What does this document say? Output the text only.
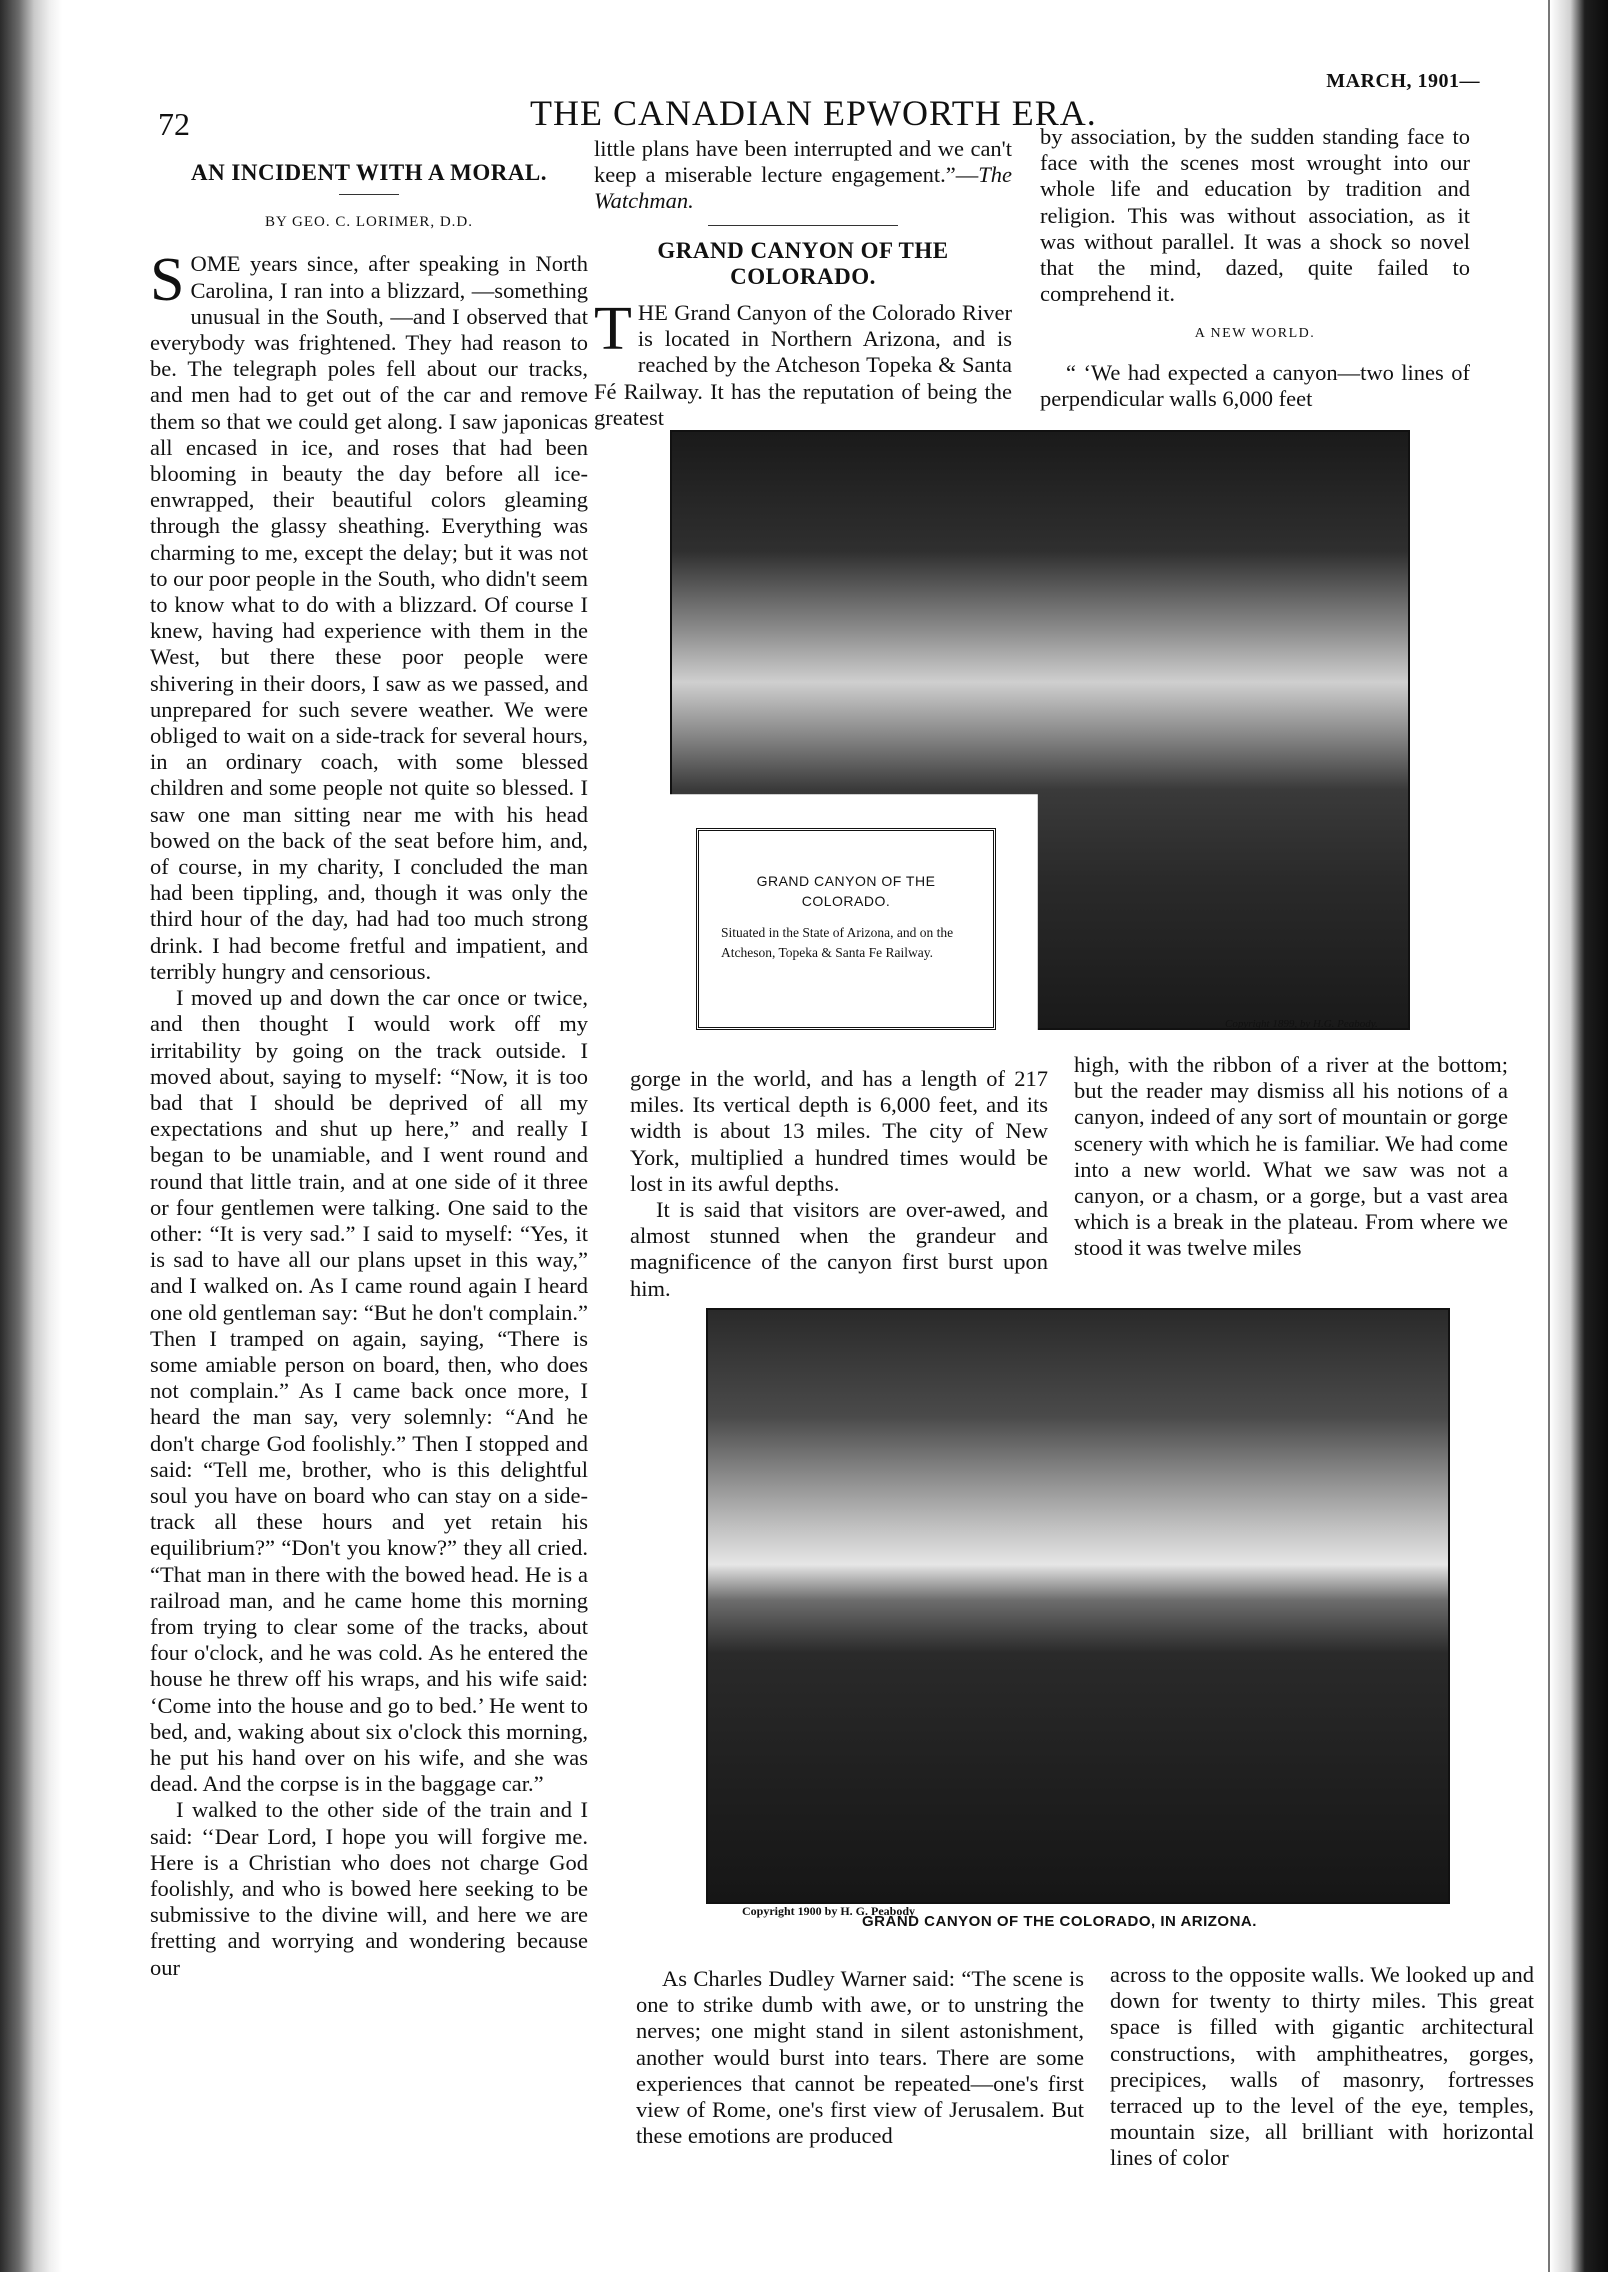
72	THE CANADIAN EPWORTH ERA.
MARCH, 1901—
AN INCIDENT WITH A MORAL.
BY GEO. C. LORIMER, D.D.

SOME years since, after speaking in North Carolina, I ran into a blizzard, —something unusual in the South, —and I observed that everybody was frightened. They had reason to be. The telegraph poles fell about our tracks, and men had to get out of the car and remove them so that we could get along. I saw japonicas all encased in ice, and roses that had been blooming in beauty the day before all ice-enwrapped, their beautiful colors gleaming through the glassy sheathing. Everything was charming to me, except the delay; but it was not to our poor people in the South, who didn't seem to know what to do with a blizzard. Of course I knew, having had experience with them in the West, but there these poor people were shivering in their doors, I saw as we passed, and unprepared for such severe weather. We were obliged to wait on a side-track for several hours, in an ordinary coach, with some blessed children and some people not quite so blessed. I saw one man sitting near me with his head bowed on the back of the seat before him, and, of course, in my charity, I concluded the man had been tippling, and, though it was only the third hour of the day, had had too much strong drink. I had become fretful and impatient, and terribly hungry and censorious.

I moved up and down the car once or twice, and then thought I would work off my irritability by going on the track outside. I moved about, saying to myself: “Now, it is too bad that I should be deprived of all my expectations and shut up here,” and really I began to be unamiable, and I went round and round that little train, and at one side of it three or four gentlemen were talking. One said to the other: “It is very sad.” I said to myself: “Yes, it is sad to have all our plans upset in this way,” and I walked on. As I came round again I heard one old gentleman say: “But he don't complain.” Then I tramped on again, saying, “There is some amiable person on board, then, who does not complain.” As I came back once more, I heard the man say, very solemnly: “And he don't charge God foolishly.” Then I stopped and said: “Tell me, brother, who is this delightful soul you have on board who can stay on a side-track all these hours and yet retain his equilibrium?” “Don't you know?” they all cried. “That man in there with the bowed head. He is a railroad man, and he came home this morning from trying to clear some of the tracks, about four o'clock, and he was cold. As he entered the house he threw off his wraps, and his wife said: ‘Come into the house and go to bed.’ He went to bed, and, waking about six o'clock this morning, he put his hand over on his wife, and she was dead. And the corpse is in the baggage car.”

I walked to the other side of the train and I said: ‘‘Dear Lord, I hope you will forgive me. Here is a Christian who does not charge God foolishly, and who is bowed here seeking to be submissive to the divine will, and here we are fretting and worrying and wondering because our

little plans have been interrupted and we can't keep a miserable lecture engagement.”—The Watchman.

GRAND CANYON OF THE COLORADO.

THE Grand Canyon of the Colorado River is located in Northern Arizona, and is reached by the Atcheson Topeka & Santa Fé Railway. It has the reputation of being the greatest

by association, by the sudden standing face to face with the scenes most wrought into our whole life and education by tradition and religion. This was without association, as it was without parallel. It was a shock so novel that the mind, dazed, quite failed to comprehend it.

A NEW WORLD.

“ ‘We had expected a canyon—two lines of perpendicular walls 6,000 feet

GRAND CANYON OF THE COLORADO.
Situated in the State of Arizona, and on the Atcheson, Topeka & Santa Fe Railway.
Copyright 1899, by H.G. Peabody.

gorge in the world, and has a length of 217 miles. Its vertical depth is 6,000 feet, and its width is about 13 miles. The city of New York, multiplied a hundred times would be lost in its awful depths.

It is said that visitors are over-awed, and almost stunned when the grandeur and magnificence of the canyon first burst upon him.

high, with the ribbon of a river at the bottom; but the reader may dismiss all his notions of a canyon, indeed of any sort of mountain or gorge scenery with which he is familiar. We had come into a new world. What we saw was not a canyon, or a chasm, or a gorge, but a vast area which is a break in the plateau. From where we stood it was twelve miles

Copyright 1900 by H. G. Peabody
GRAND CANYON OF THE COLORADO, IN ARIZONA.

As Charles Dudley Warner said: “The scene is one to strike dumb with awe, or to unstring the nerves; one might stand in silent astonishment, another would burst into tears. There are some experiences that cannot be repeated—one's first view of Rome, one's first view of Jerusalem. But these emotions are produced

across to the opposite walls. We looked up and down for twenty to thirty miles. This great space is filled with gigantic architectural constructions, with amphitheatres, gorges, precipices, walls of masonry, fortresses terraced up to the level of the eye, temples, mountain size, all brilliant with horizontal lines of color
